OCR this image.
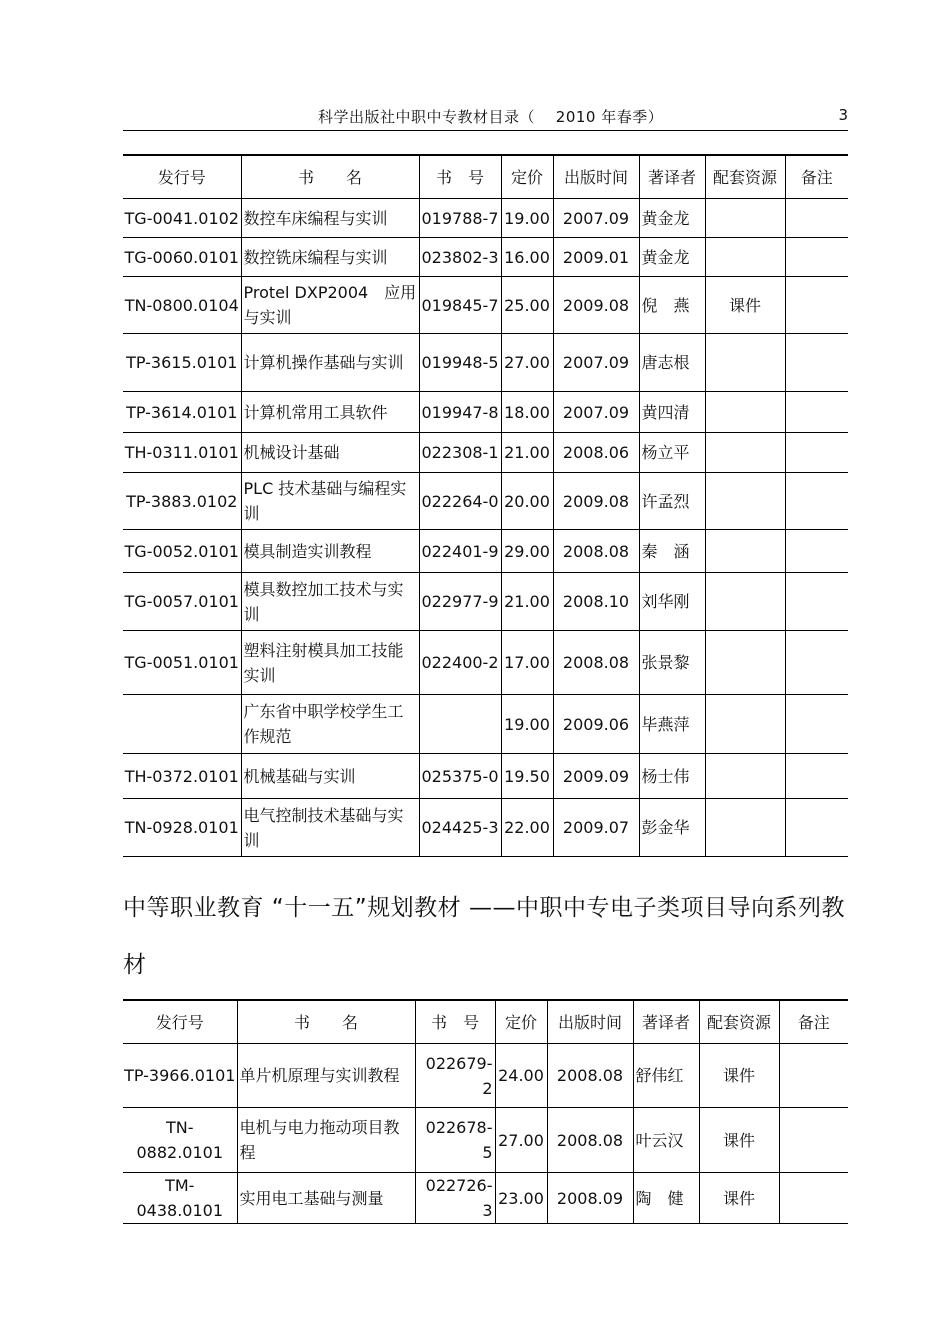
科学出版社中职中专教材目录（　 2010 年春季）	3
发行号	书　　名	书　号	定价	出版时间	著译者	配套资源	备注
TG-0041.0102	数控车床编程与实训	019788-7	19.00	2007.09	黄金龙		
TG-0060.0101	数控铣床编程与实训	023802-3	16.00	2009.01	黄金龙		
TN-0800.0104	Protel DXP2004　应用与实训	019845-7	25.00	2009.08	倪　燕	课件	
TP-3615.0101	计算机操作基础与实训	019948-5	27.00	2007.09	唐志根		
TP-3614.0101	计算机常用工具软件	019947-8	18.00	2007.09	黄四清		
TH-0311.0101	机械设计基础	022308-1	21.00	2008.06	杨立平		
TP-3883.0102	PLC 技术基础与编程实训	022264-0	20.00	2009.08	许孟烈		
TG-0052.0101	模具制造实训教程	022401-9	29.00	2008.08	秦　涵		
TG-0057.0101	模具数控加工技术与实训	022977-9	21.00	2008.10	刘华刚		
TG-0051.0101	塑料注射模具加工技能实训	022400-2	17.00	2008.08	张景黎		
	广东省中职学校学生工作规范		19.00	2009.06	毕燕萍		
TH-0372.0101	机械基础与实训	025375-0	19.50	2009.09	杨士伟		
TN-0928.0101	电气控制技术基础与实训	024425-3	22.00	2009.07	彭金华		
中等职业教育 “十一五”规划教材 ——中职中专电子类项目导向系列教材
发行号	书　　名	书　号	定价	出版时间	著译者	配套资源	备注
TP-3966.0101	单片机原理与实训教程	022679-2	24.00	2008.08	舒伟红	课件	
TN-0882.0101	电机与电力拖动项目教程	022678-5	27.00	2008.08	叶云汉	课件	
TM-0438.0101	实用电工基础与测量	022726-3	23.00	2008.09	陶　健	课件	
